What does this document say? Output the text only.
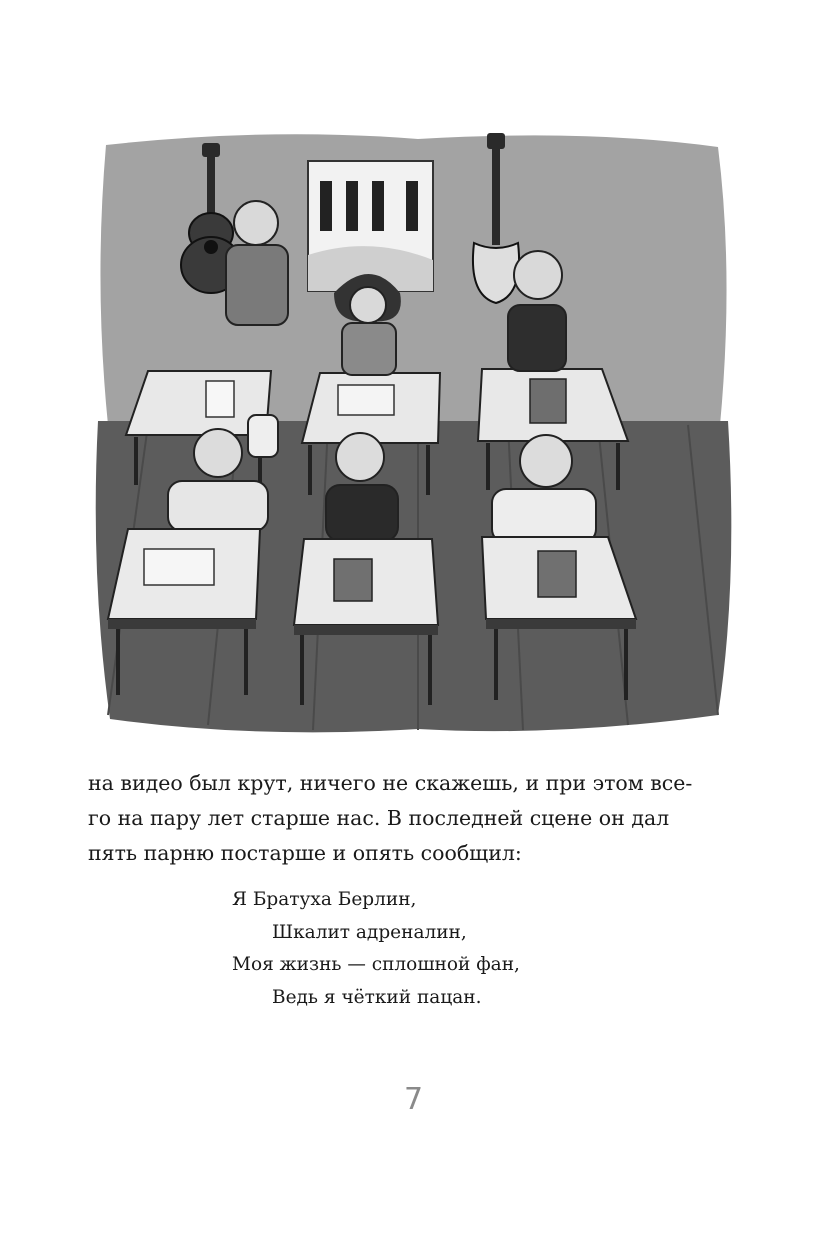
на видео был крут, ничего не скажешь, и при этом все-

го на пару лет старше нас. В последней сцене он дал

пять парню постарше и опять сообщил:

Я Братуха Берлин,
Шкалит адреналин,
Моя жизнь — сплошной фан,
Ведь я чёткий пацан.
7
